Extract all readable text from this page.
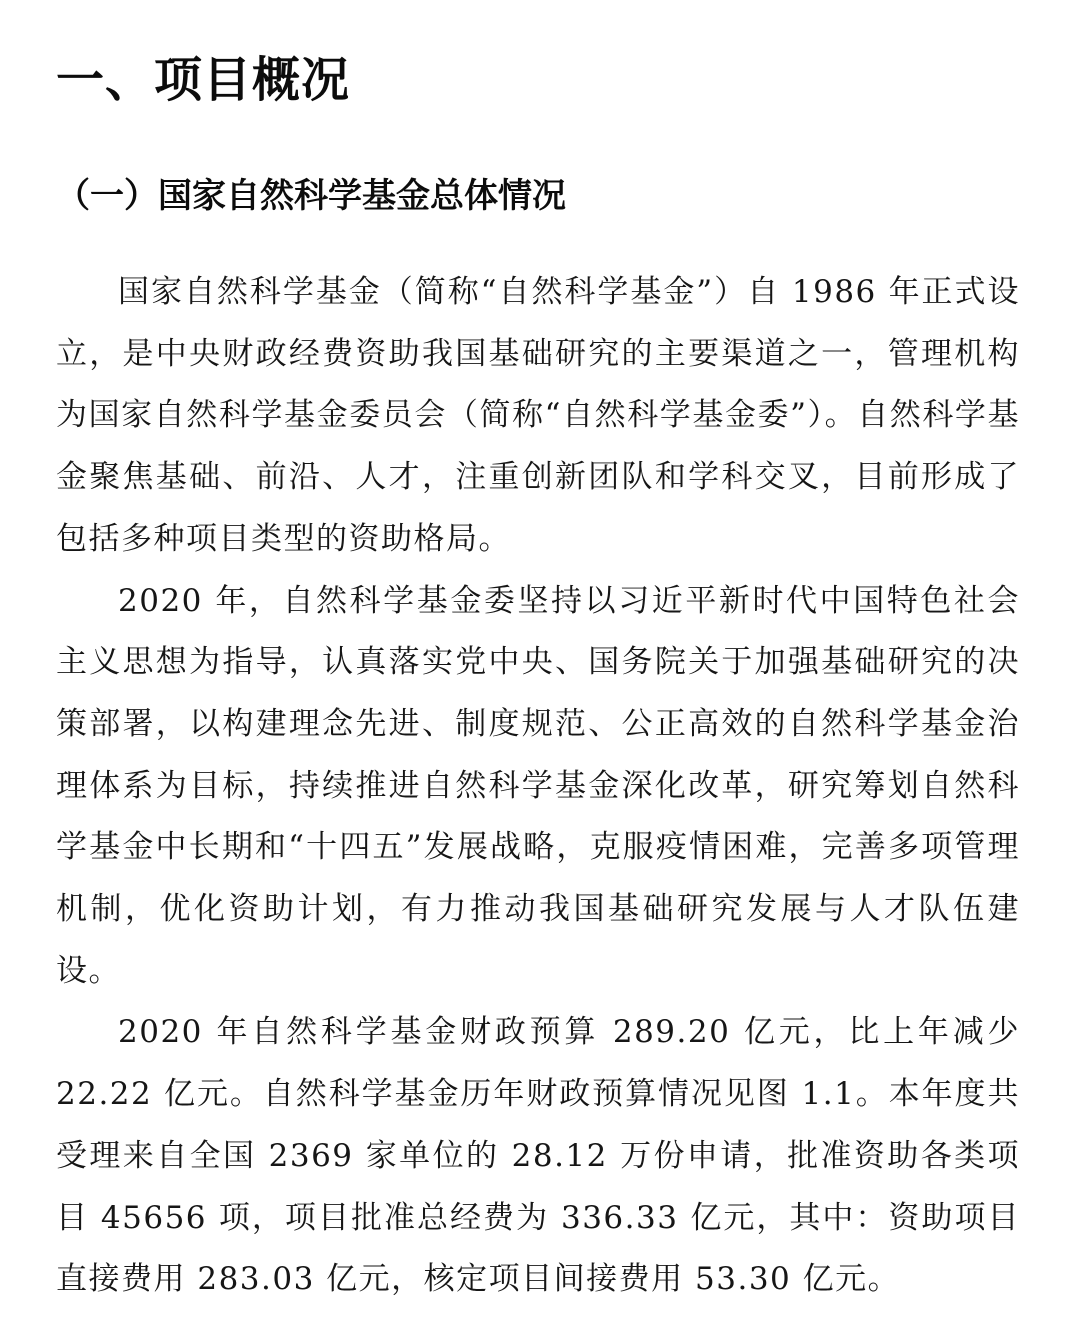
一、项目概况
（一）国家自然科学基金总体情况

国家自然科学基金（简称“自然科学基金”）自 1986 年正式设立，是中央财政经费资助我国基础研究的主要渠道之一，管理机构为国家自然科学基金委员会（简称“自然科学基金委”）。自然科学基金聚焦基础、前沿、人才，注重创新团队和学科交叉，目前形成了包括多种项目类型的资助格局。

2020 年，自然科学基金委坚持以习近平新时代中国特色社会主义思想为指导，认真落实党中央、国务院关于加强基础研究的决策部署，以构建理念先进、制度规范、公正高效的自然科学基金治理体系为目标，持续推进自然科学基金深化改革，研究筹划自然科学基金中长期和“十四五”发展战略，克服疫情困难，完善多项管理机制，优化资助计划，有力推动我国基础研究发展与人才队伍建设。

2020 年自然科学基金财政预算 289.20 亿元，比上年减少 22.22 亿元。自然科学基金历年财政预算情况见图 1.1。本年度共受理来自全国 2369 家单位的 28.12 万份申请，批准资助各类项目 45656 项，项目批准总经费为 336.33 亿元，其中：资助项目直接费用 283.03 亿元，核定项目间接费用 53.30 亿元。
